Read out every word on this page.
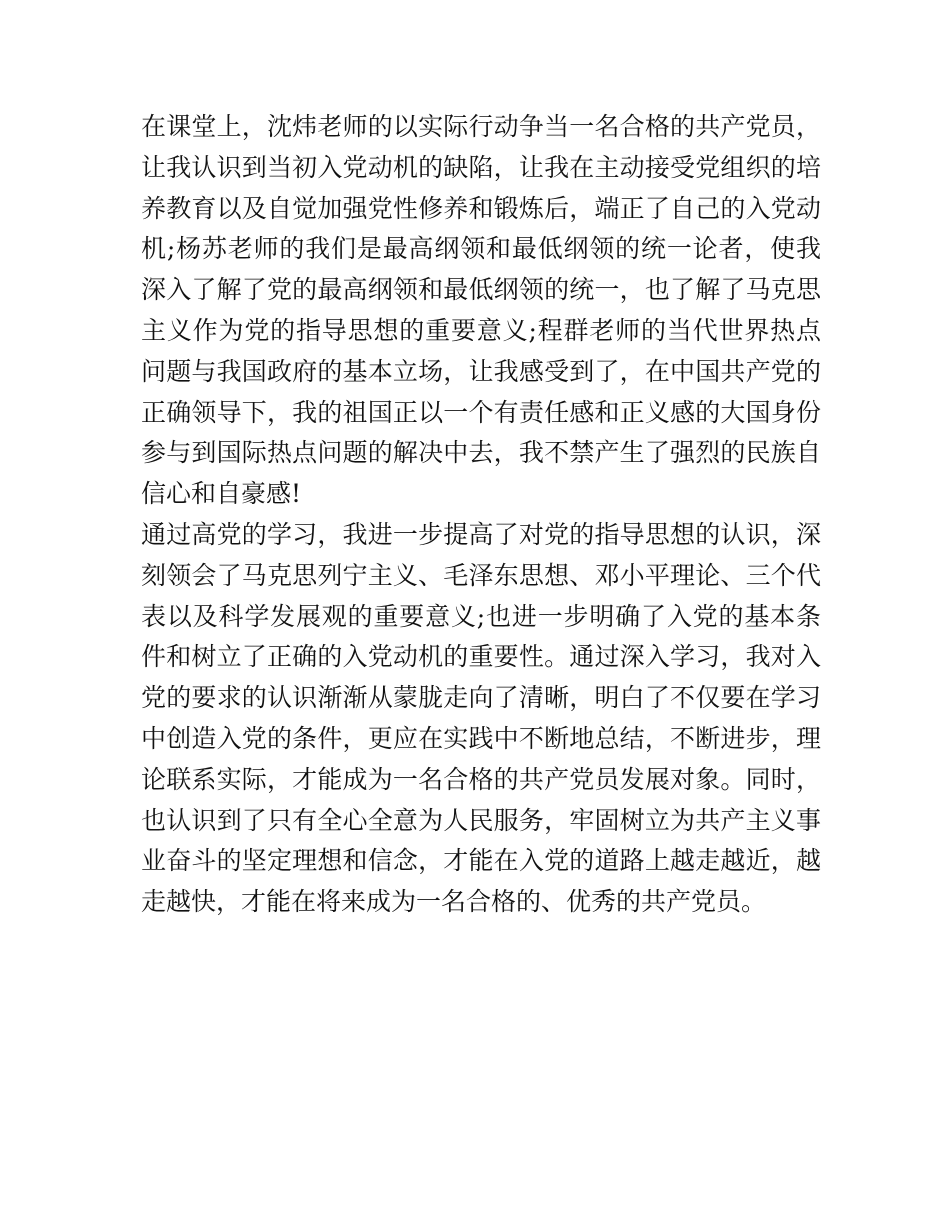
在课堂上，沈炜老师的以实际行动争当一名合格的共产党员，
让我认识到当初入党动机的缺陷，让我在主动接受党组织的培
养教育以及自觉加强党性修养和锻炼后，端正了自己的入党动
机;杨苏老师的我们是最高纲领和最低纲领的统一论者，使我
深入了解了党的最高纲领和最低纲领的统一，也了解了马克思
主义作为党的指导思想的重要意义;程群老师的当代世界热点
问题与我国政府的基本立场，让我感受到了，在中国共产党的
正确领导下，我的祖国正以一个有责任感和正义感的大国身份
参与到国际热点问题的解决中去，我不禁产生了强烈的民族自
信心和自豪感!
通过高党的学习，我进一步提高了对党的指导思想的认识，深
刻领会了马克思列宁主义、毛泽东思想、邓小平理论、三个代
表以及科学发展观的重要意义;也进一步明确了入党的基本条
件和树立了正确的入党动机的重要性。通过深入学习，我对入
党的要求的认识渐渐从蒙胧走向了清晰，明白了不仅要在学习
中创造入党的条件，更应在实践中不断地总结，不断进步，理
论联系实际，才能成为一名合格的共产党员发展对象。同时，
也认识到了只有全心全意为人民服务，牢固树立为共产主义事
业奋斗的坚定理想和信念，才能在入党的道路上越走越近，越
走越快，才能在将来成为一名合格的、优秀的共产党员。
